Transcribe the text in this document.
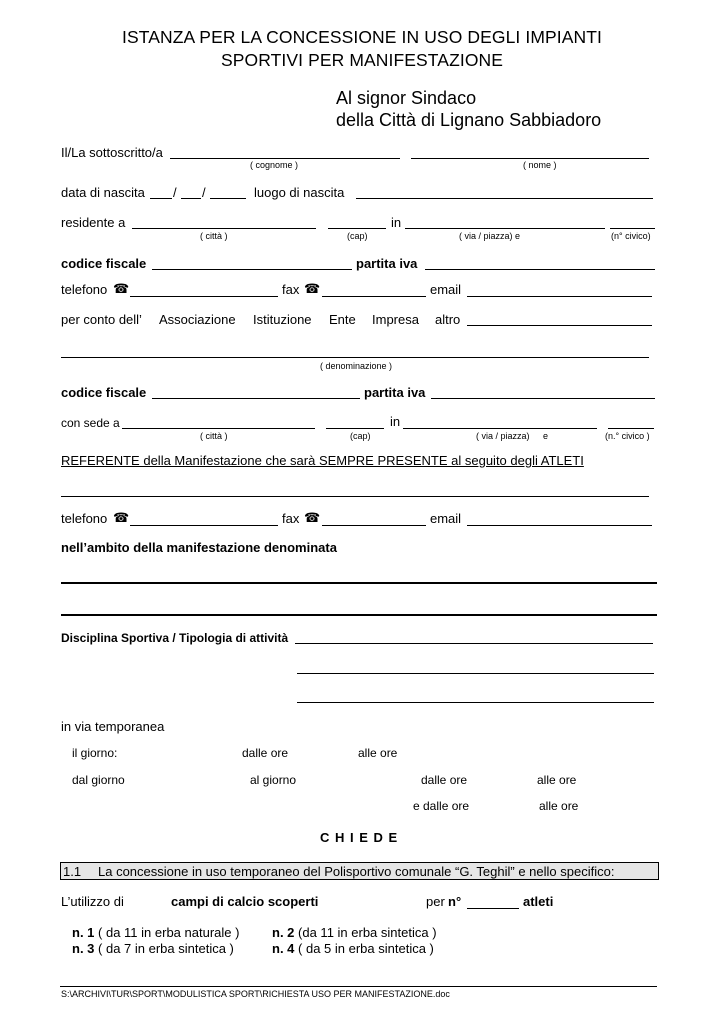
ISTANZA PER LA CONCESSIONE IN USO DEGLI IMPIANTI
SPORTIVI PER MANIFESTAZIONE
Al signor Sindaco
della Città di Lignano Sabbiadoro
Il/La sottoscritto/a
( cognome )	( nome )
data di nascita / /	luogo di nascita
residente a	in
( città )	(cap)	( via / piazza) e	(n° civico)
codice fiscale	partita iva
telefono ☎	fax ☎	email
per conto dell’ Associazione Istituzione Ente Impresa altro
( denominazione )
codice fiscale	partita iva
con sede a	in
( città )	(cap)	( via / piazza) e	(n.° civico )
REFERENTE della Manifestazione che sarà SEMPRE PRESENTE al seguito degli ATLETI
telefono ☎	fax ☎	email
nell’ambito della manifestazione denominata
Disciplina Sportiva / Tipologia di attività
in via temporanea
il giorno:	dalle ore	alle ore
dal giorno	al giorno	dalle ore	alle ore
e dalle ore	alle ore
C H I E D E
1.1 La concessione in uso temporaneo del Polisportivo comunale “G. Teghil” e nello specifico:
L’utilizzo di	campi di calcio scoperti	per n°	atleti
n. 1 ( da 11 in erba naturale )	n. 2 (da 11 in erba sintetica )
n. 3 ( da 7 in erba sintetica )	n. 4 ( da 5 in erba sintetica )
S:\ARCHIVI\TUR\SPORT\MODULISTICA SPORT\RICHIESTA USO PER MANIFESTAZIONE.doc
